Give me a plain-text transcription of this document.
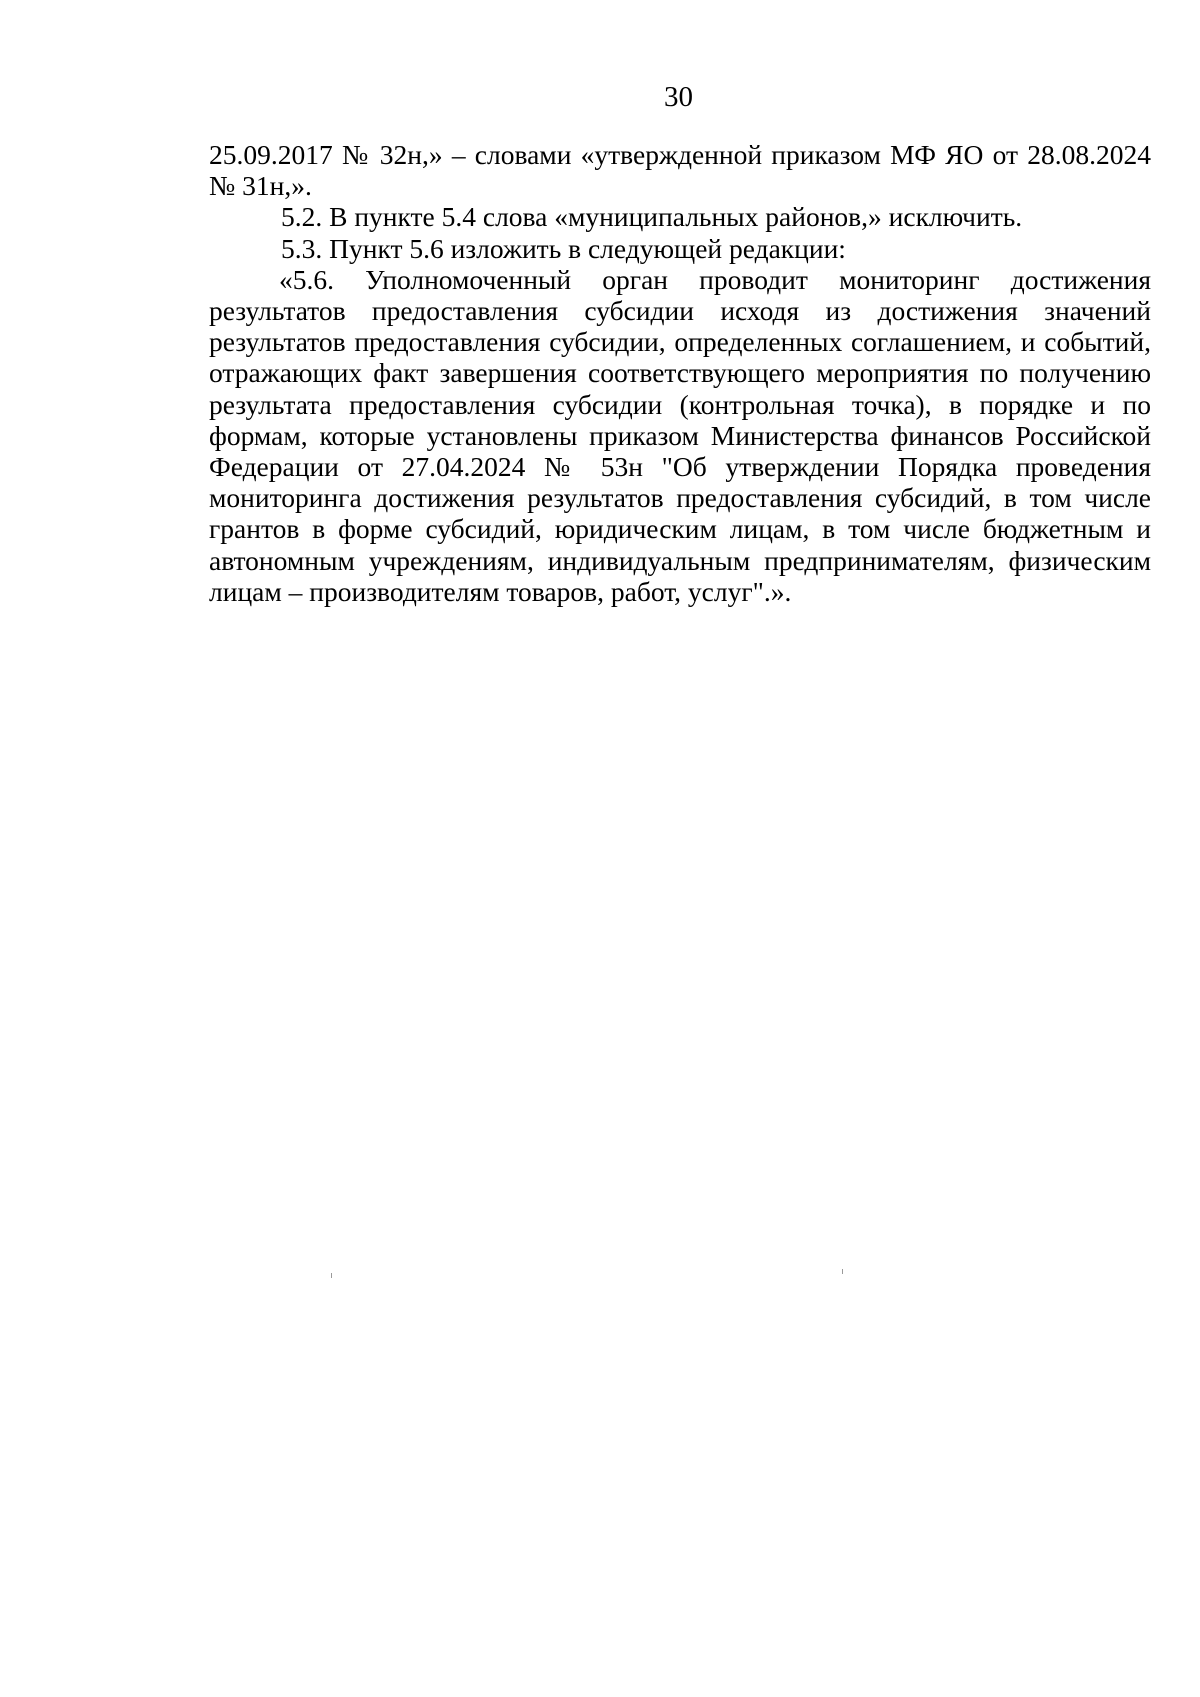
30

25.09.2017 № 32н,» – словами «утвержденной приказом МФ ЯО от 28.08.2024
№ 31н,».

5.2. В пункте 5.4 слова «муниципальных районов,» исключить.

5.3. Пункт 5.6 изложить в следующей редакции:

«5.6. Уполномоченный орган проводит мониторинг достижения
результатов предоставления субсидии исходя из достижения значений
результатов предоставления субсидии, определенных соглашением, и событий,
отражающих факт завершения соответствующего мероприятия по получению
результата предоставления субсидии (контрольная точка), в порядке и по
формам, которые установлены приказом Министерства финансов Российской
Федерации от 27.04.2024 № 53н "Об утверждении Порядка проведения
мониторинга достижения результатов предоставления субсидий, в том числе
грантов в форме субсидий, юридическим лицам, в том числе бюджетным и
автономным учреждениям, индивидуальным предпринимателям, физическим
лицам – производителям товаров, работ, услуг".».
